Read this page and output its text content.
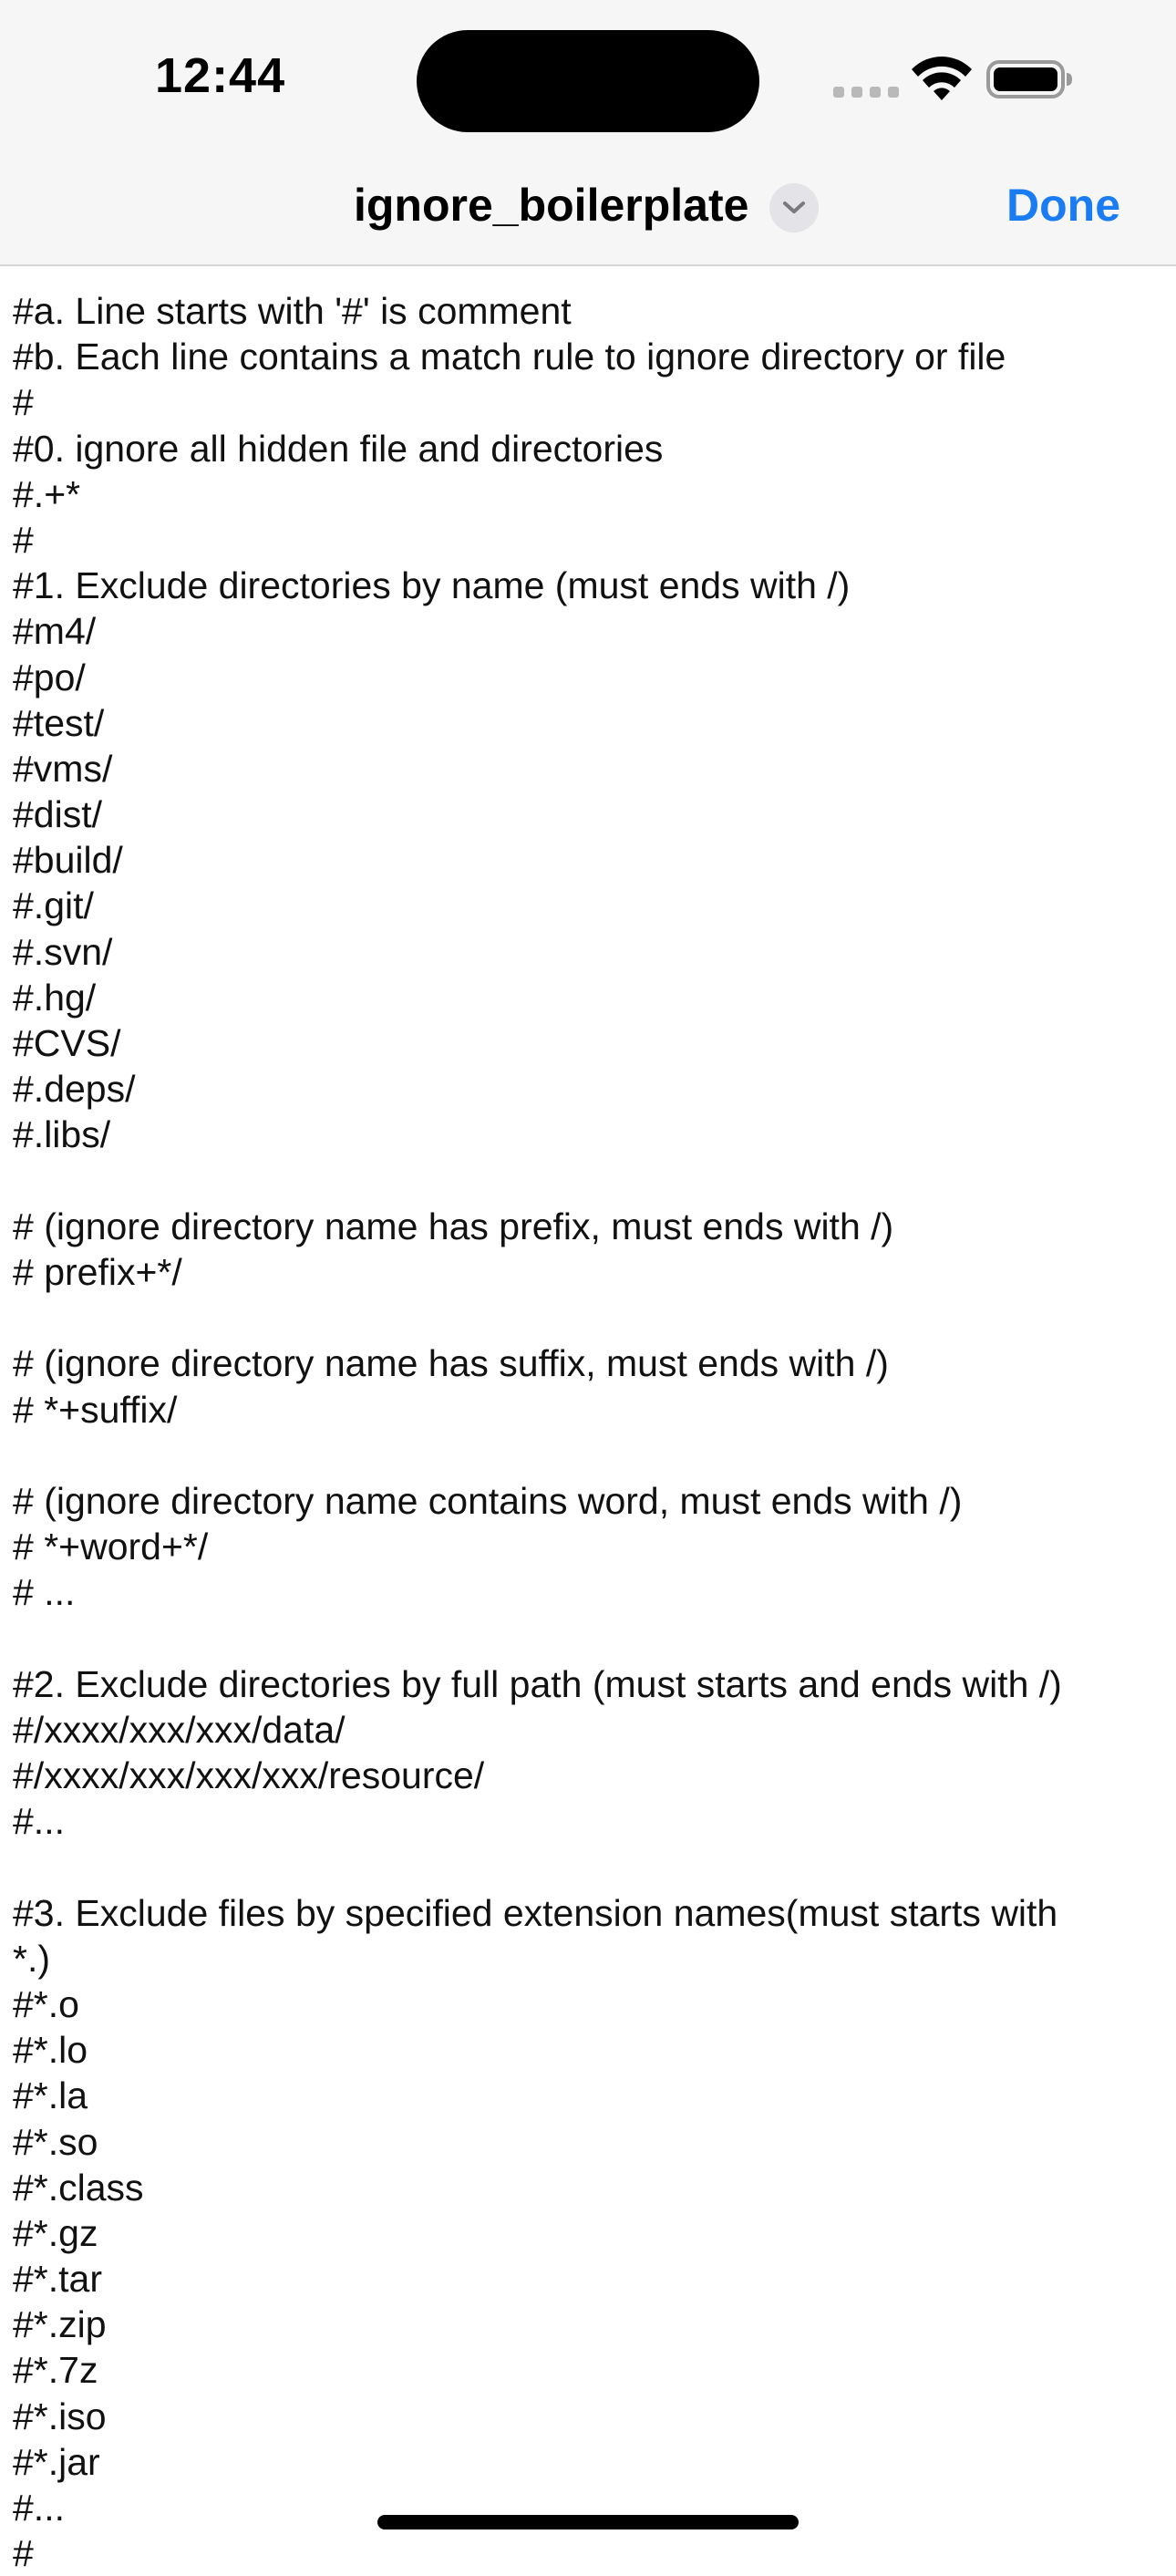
12:44
ignore_boilerplate	Done
#a. Line starts with '#' is comment
#b. Each line contains a match rule to ignore directory or file
#
#0. ignore all hidden file and directories
#.+*
#
#1. Exclude directories by name (must ends with /)
#m4/
#po/
#test/
#vms/
#dist/
#build/
#.git/
#.svn/
#.hg/
#CVS/
#.deps/
#.libs/
# (ignore directory name has prefix, must ends with /)
# prefix+*/
# (ignore directory name has suffix, must ends with /)
# *+suffix/
# (ignore directory name contains word, must ends with /)
# *+word+*/
# ...
#2. Exclude directories by full path (must starts and ends with /)
#/xxxx/xxx/xxx/data/
#/xxxx/xxx/xxx/xxx/resource/
#...
#3. Exclude files by specified extension names(must starts with
*.)
#*.o
#*.lo
#*.la
#*.so
#*.class
#*.gz
#*.tar
#*.zip
#*.7z
#*.iso
#*.jar
#...
#
